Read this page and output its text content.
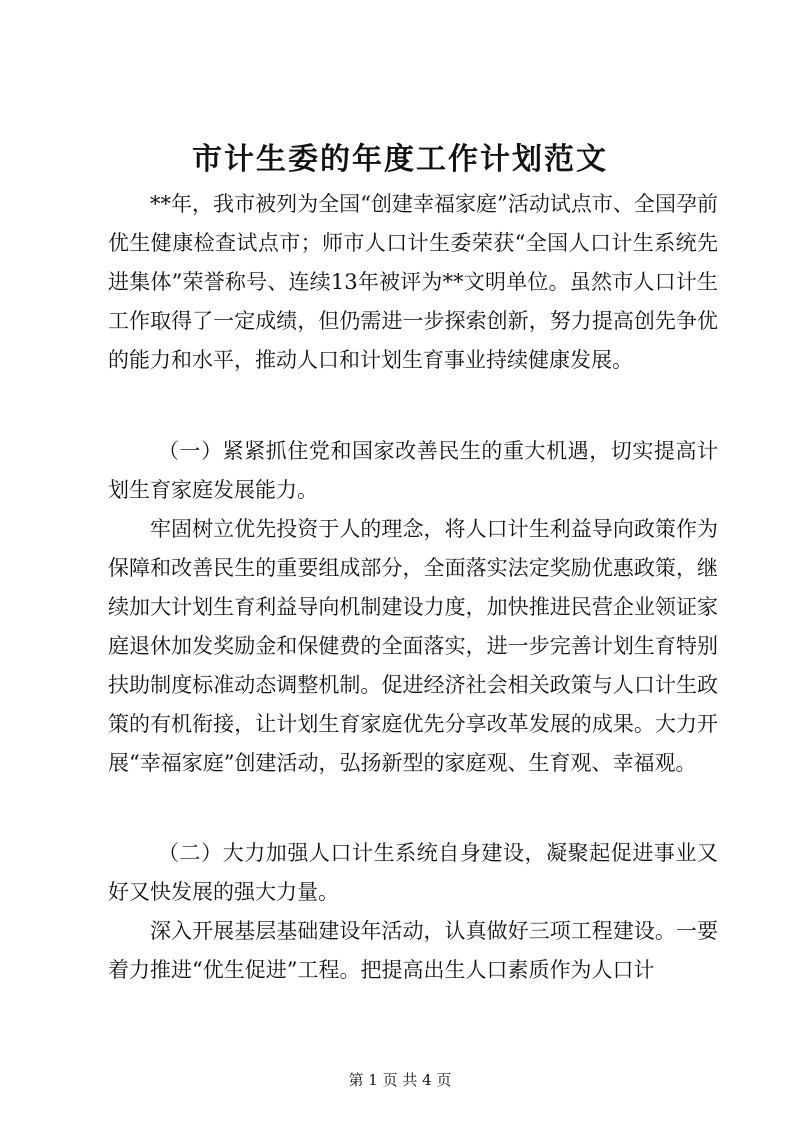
市计生委的年度工作计划范文

**年，我市被列为全国“创建幸福家庭”活动试点市、全国孕前优生健康检查试点市；师市人口计生委荣获“全国人口计生系统先进集体”荣誉称号、连续13年被评为**文明单位。虽然市人口计生工作取得了一定成绩，但仍需进一步探索创新，努力提高创先争优的能力和水平，推动人口和计划生育事业持续健康发展。

（一）紧紧抓住党和国家改善民生的重大机遇，切实提高计划生育家庭发展能力。

牢固树立优先投资于人的理念，将人口计生利益导向政策作为保障和改善民生的重要组成部分，全面落实法定奖励优惠政策，继续加大计划生育利益导向机制建设力度，加快推进民营企业领证家庭退休加发奖励金和保健费的全面落实，进一步完善计划生育特别扶助制度标准动态调整机制。促进经济社会相关政策与人口计生政策的有机衔接，让计划生育家庭优先分享改革发展的成果。大力开展“幸福家庭”创建活动，弘扬新型的家庭观、生育观、幸福观。

（二）大力加强人口计生系统自身建设，凝聚起促进事业又好又快发展的强大力量。

深入开展基层基础建设年活动，认真做好三项工程建设。一要着力推进“优生促进”工程。把提高出生人口素质作为人口计

第 1 页 共 4 页
